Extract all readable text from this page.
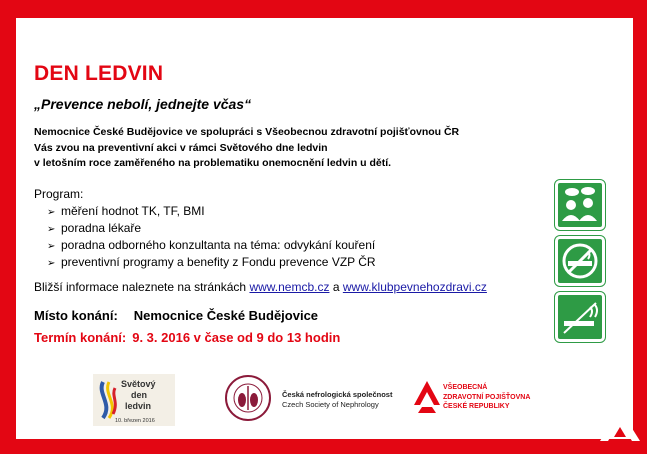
DEN LEDVIN
„Prevence nebolí, jednejte včas“
Nemocnice České Budějovice ve spolupráci s Všeobecnou zdravotní pojišťovnou ČR
Vás zvou na preventivní akci v rámci Světového dne ledvin
v letošním roce zaměřeného na problematiku onemocnění ledvin u dětí.
Program:
➢ měření hodnot TK, TF, BMI
➢ poradna lékaře
➢ poradna odborného konzultanta na téma: odvykání kouření
➢ preventivní programy a benefity z Fondu prevence VZP ČR
Bližší informace naleznete na stránkách www.nemcb.cz a www.klubpevnehozdravi.cz
Místo konání: Nemocnice České Budějovice
Termín konání: 9. 3. 2016 v čase od 9 do 13 hodin
Světový
den
ledvin
10. březen 2016
Česká nefrologická společnost
Czech Society of Nephrology
VŠEOBECNÁ
ZDRAVOTNÍ POJIŠŤOVNA
ČESKÉ REPUBLIKY
